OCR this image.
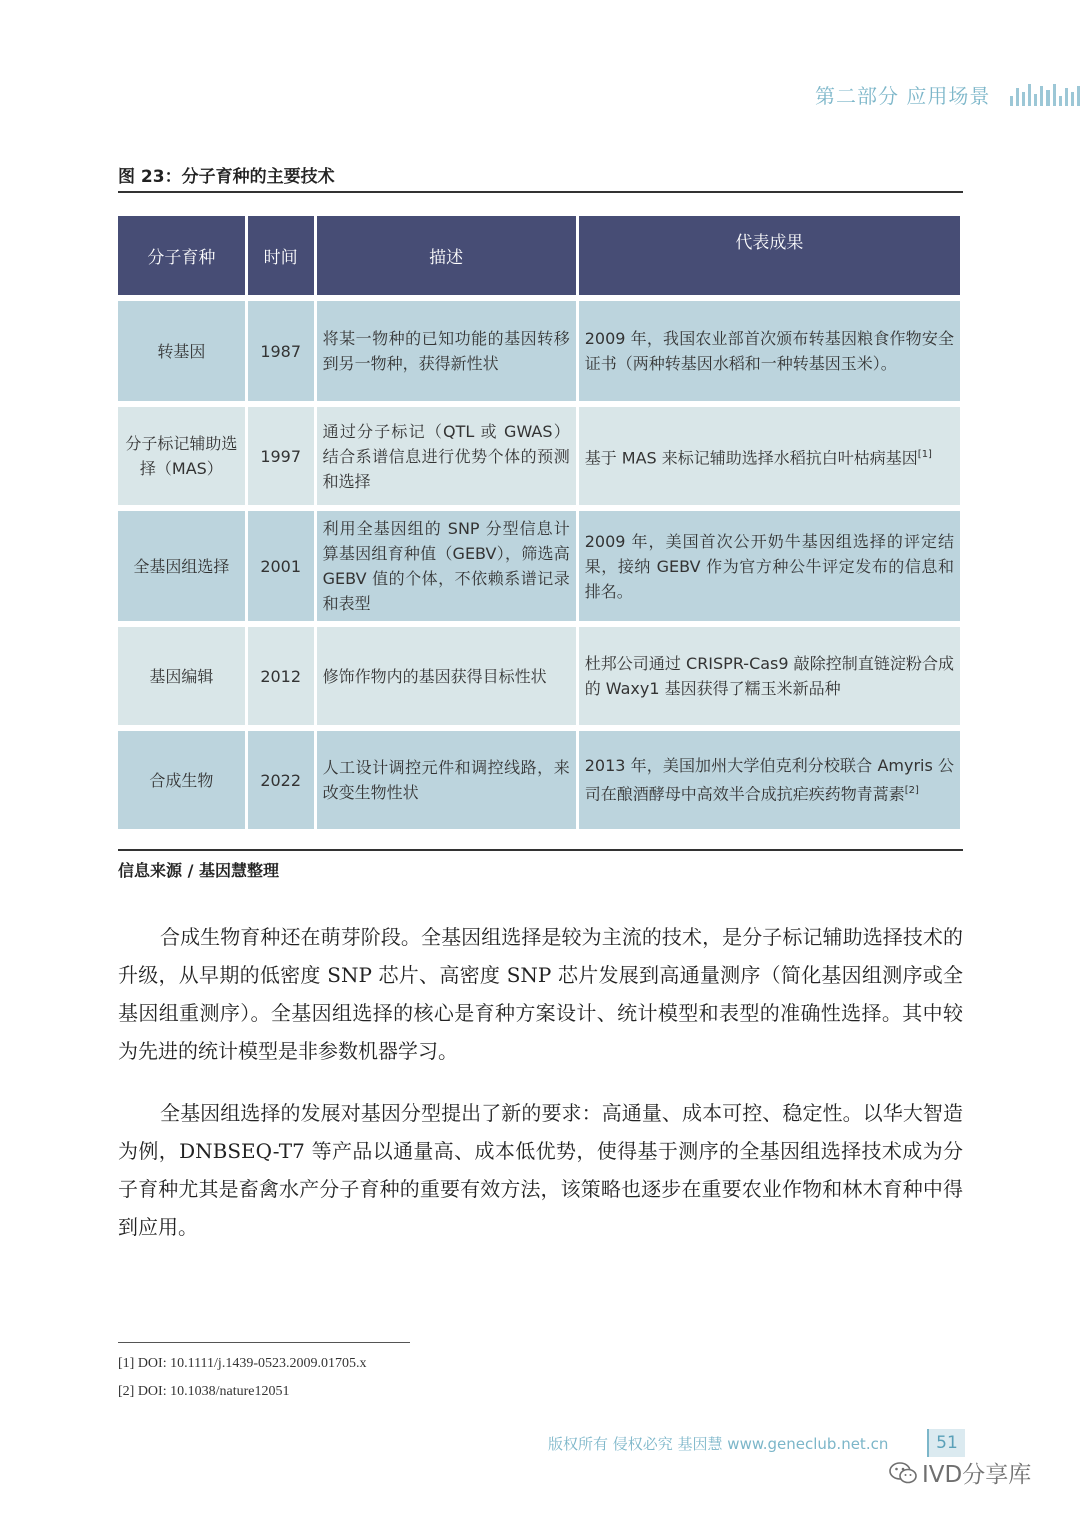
第二部分 应用场景
图 23：分子育种的主要技术
分子育种	时间	描述	代表成果
转基因	1987	将某一物种的已知功能的基因转移到另一物种，获得新性状	2009 年，我国农业部首次颁布转基因粮食作物安全证书（两种转基因水稻和一种转基因玉米）。
分子标记辅助选择（MAS）	1997	通过分子标记（QTL 或 GWAS）结合系谱信息进行优势个体的预测和选择	基于 MAS 来标记辅助选择水稻抗白叶枯病基因[1]
全基因组选择	2001	利用全基因组的 SNP 分型信息计算基因组育种值（GEBV），筛选高 GEBV 值的个体，不依赖系谱记录和表型	2009 年，美国首次公开奶牛基因组选择的评定结果，接纳 GEBV 作为官方种公牛评定发布的信息和排名。
基因编辑	2012	修饰作物内的基因获得目标性状	杜邦公司通过 CRISPR-Cas9 敲除控制直链淀粉合成的 Waxy1 基因获得了糯玉米新品种
合成生物	2022	人工设计调控元件和调控线路，来改变生物性状	2013 年，美国加州大学伯克利分校联合 Amyris 公司在酿酒酵母中高效半合成抗疟疾药物青蒿素[2]
信息来源 / 基因慧整理
合成生物育种还在萌芽阶段。全基因组选择是较为主流的技术，是分子标记辅助选择技术的升级，从早期的低密度 SNP 芯片、高密度 SNP 芯片发展到高通量测序（简化基因组测序或全基因组重测序）。全基因组选择的核心是育种方案设计、统计模型和表型的准确性选择。其中较为先进的统计模型是非参数机器学习。
全基因组选择的发展对基因分型提出了新的要求：高通量、成本可控、稳定性。以华大智造为例，DNBSEQ-T7 等产品以通量高、成本低优势，使得基于测序的全基因组选择技术成为分子育种尤其是畜禽水产分子育种的重要有效方法，该策略也逐步在重要农业作物和林木育种中得到应用。
[1] DOI: 10.1111/j.1439-0523.2009.01705.x
[2] DOI: 10.1038/nature12051
版权所有 侵权必究 基因慧 www.geneclub.net.cn	51
IVD分享库
